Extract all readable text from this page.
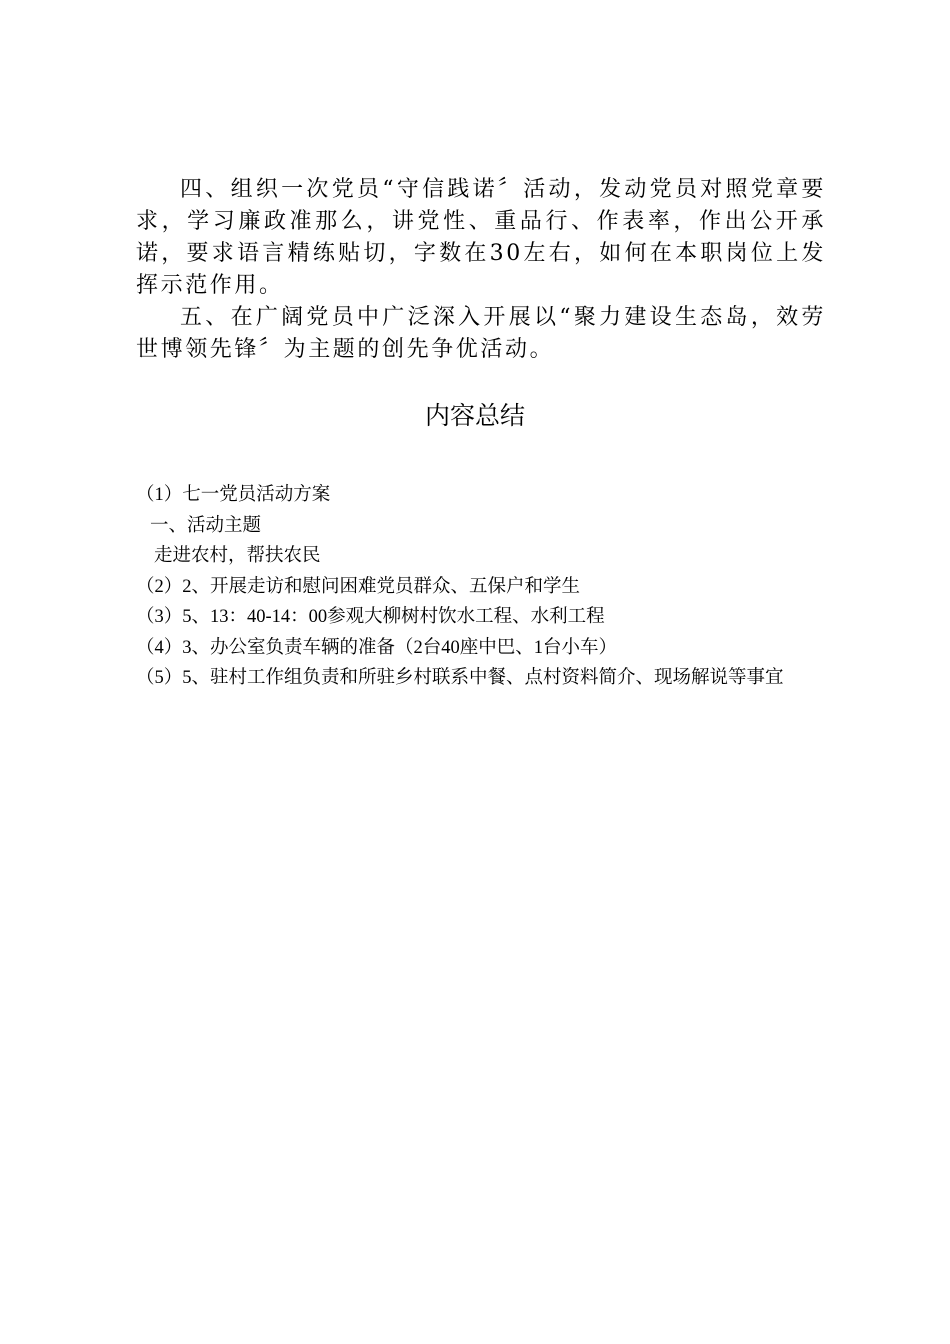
四、组织一次党员“守信践诺〞活动，发动党员对照党章要求，学习廉政准那么，讲党性、重品行、作表率，作出公开承诺，要求语言精练贴切，字数在30左右，如何在本职岗位上发挥示范作用。

五、在广阔党员中广泛深入开展以“聚力建设生态岛，效劳世博领先锋〞为主题的创先争优活动。

内容总结
（1）七一党员活动方案
一、活动主题
走进农村，帮扶农民
（2）2、开展走访和慰问困难党员群众、五保户和学生
（3）5、13：40-14：00参观大柳树村饮水工程、水利工程
（4）3、办公室负责车辆的准备（2台40座中巴、1台小车）
（5）5、驻村工作组负责和所驻乡村联系中餐、点村资料简介、现场解说等事宜
